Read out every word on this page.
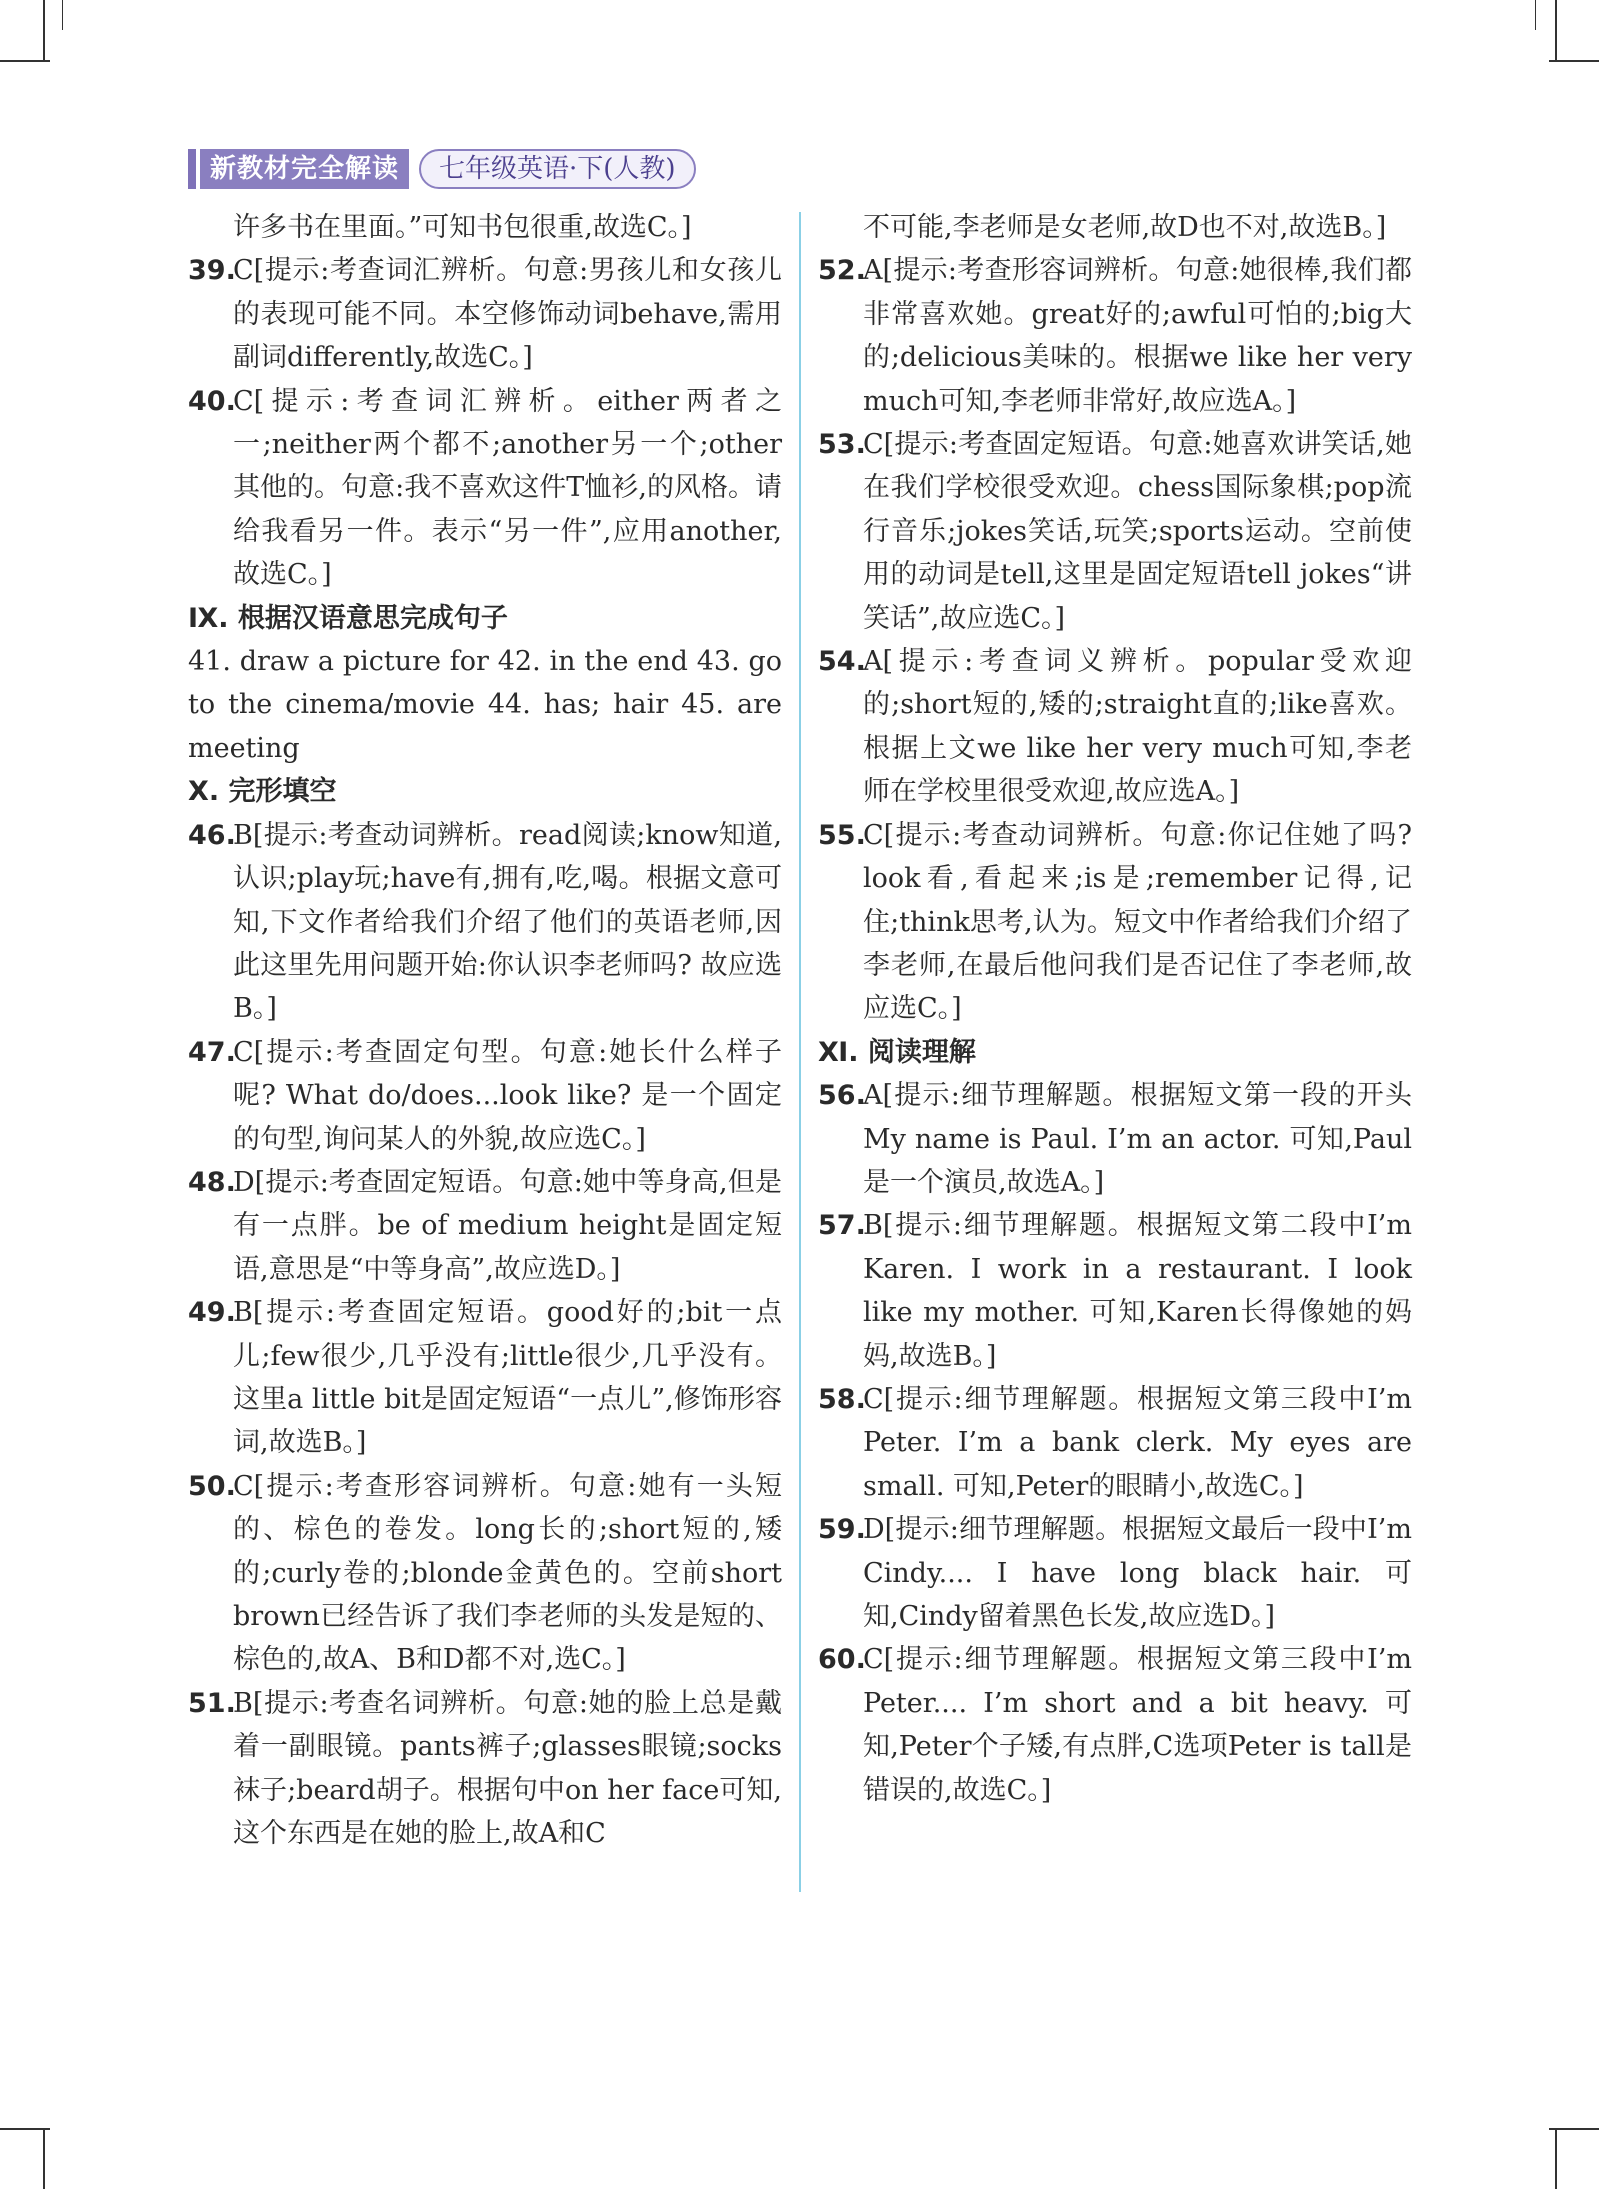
新教材完全解读	七年级英语·下(人教)
许多书在里面。”可知书包很重,故选C。]
39.
C[提示:考查词汇辨析。句意:男孩儿和女孩儿的表现可能不同。本空修饰动词behave,需用副词differently,故选C。]
40.
C[提示:考查词汇辨析。either两者之一;neither两个都不;another另一个;other其他的。句意:我不喜欢这件T恤衫,的风格。请给我看另一件。表示“另一件”,应用another,故选C。]
Ⅸ. 根据汉语意思完成句子
41. draw a picture for 42. in the end 43. go to the cinema/movie 44. has; hair 45. are meeting
Ⅹ. 完形填空
46.
B[提示:考查动词辨析。read阅读;know知道,认识;play玩;have有,拥有,吃,喝。根据文意可知,下文作者给我们介绍了他们的英语老师,因此这里先用问题开始:你认识李老师吗? 故应选B。]
47.
C[提示:考查固定句型。句意:她长什么样子呢? What do/does...look like? 是一个固定的句型,询问某人的外貌,故应选C。]
48.
D[提示:考查固定短语。句意:她中等身高,但是有一点胖。be of medium height是固定短语,意思是“中等身高”,故应选D。]
49.
B[提示:考查固定短语。good好的;bit一点儿;few很少,几乎没有;little很少,几乎没有。这里a little bit是固定短语“一点儿”,修饰形容词,故选B。]
50.
C[提示:考查形容词辨析。句意:她有一头短的、棕色的卷发。long长的;short短的,矮的;curly卷的;blonde金黄色的。空前short brown已经告诉了我们李老师的头发是短的、棕色的,故A、B和D都不对,选C。]
51.
B[提示:考查名词辨析。句意:她的脸上总是戴着一副眼镜。pants裤子;glasses眼镜;socks袜子;beard胡子。根据句中on her face可知,这个东西是在她的脸上,故A和C
不可能,李老师是女老师,故D也不对,故选B。]
52.
A[提示:考查形容词辨析。句意:她很棒,我们都非常喜欢她。great好的;awful可怕的;big大的;delicious美味的。根据we like her very much可知,李老师非常好,故应选A。]
53.
C[提示:考查固定短语。句意:她喜欢讲笑话,她在我们学校很受欢迎。chess国际象棋;pop流行音乐;jokes笑话,玩笑;sports运动。空前使用的动词是tell,这里是固定短语tell jokes“讲笑话”,故应选C。]
54.
A[提示:考查词义辨析。popular受欢迎的;short短的,矮的;straight直的;like喜欢。根据上文we like her very much可知,李老师在学校里很受欢迎,故应选A。]
55.
C[提示:考查动词辨析。句意:你记住她了吗? look看,看起来;is是;remember记得,记住;think思考,认为。短文中作者给我们介绍了李老师,在最后他问我们是否记住了李老师,故应选C。]
Ⅺ. 阅读理解
56.
A[提示:细节理解题。根据短文第一段的开头My name is Paul. I’m an actor. 可知,Paul是一个演员,故选A。]
57.
B[提示:细节理解题。根据短文第二段中I’m Karen. I work in a restaurant. I look like my mother. 可知,Karen长得像她的妈妈,故选B。]
58.
C[提示:细节理解题。根据短文第三段中I’m Peter. I’m a bank clerk. My eyes are small. 可知,Peter的眼睛小,故选C。]
59.
D[提示:细节理解题。根据短文最后一段中I’m Cindy.... I have long black hair. 可知,Cindy留着黑色长发,故应选D。]
60.
C[提示:细节理解题。根据短文第三段中I’m Peter.... I’m short and a bit heavy. 可知,Peter个子矮,有点胖,C选项Peter is tall是错误的,故选C。]
